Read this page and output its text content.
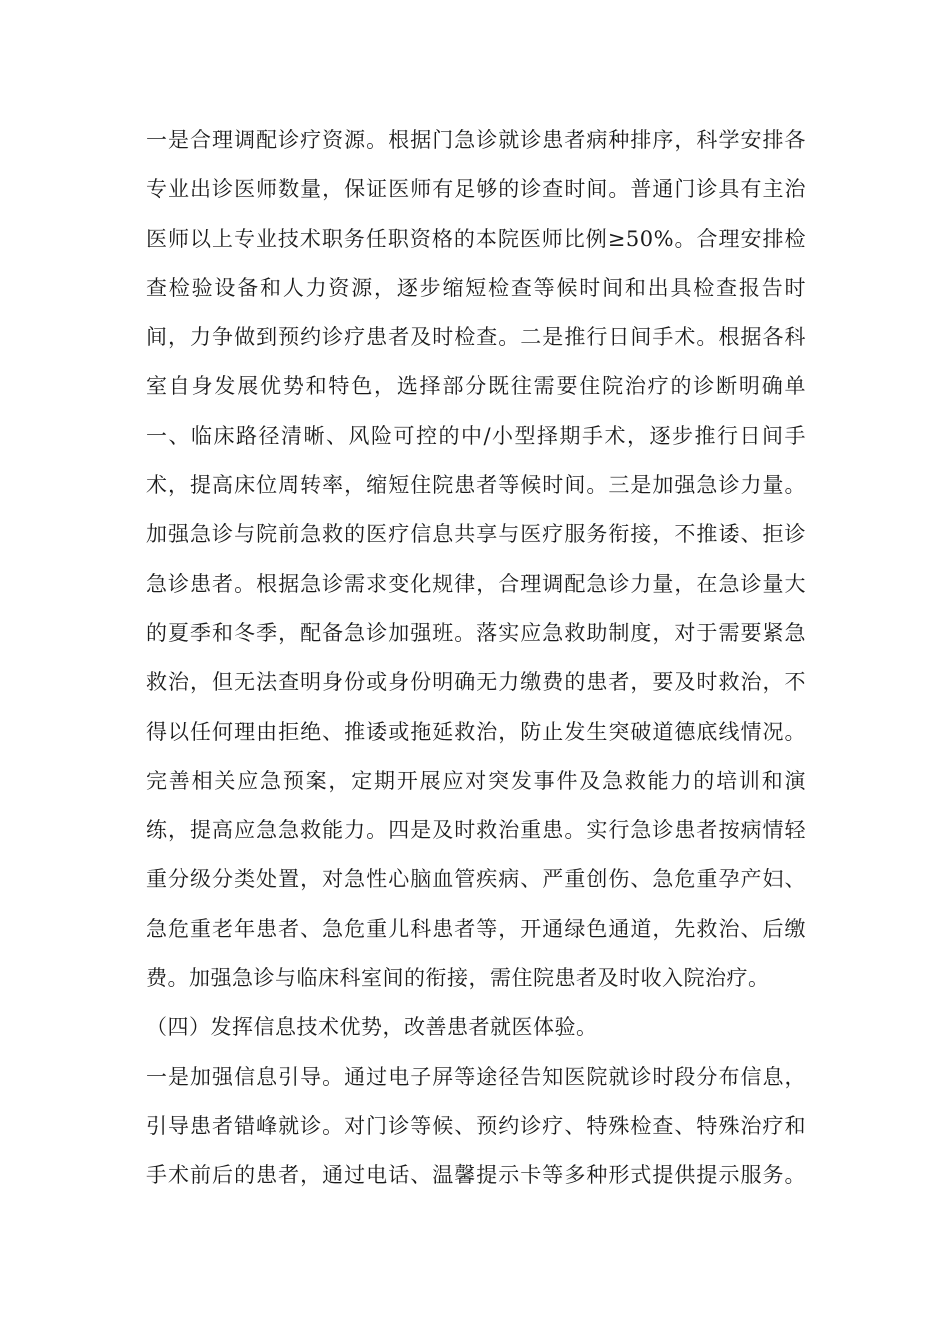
一是合理调配诊疗资源。根据门急诊就诊患者病种排序，科学安排各
专业出诊医师数量，保证医师有足够的诊查时间。普通门诊具有主治
医师以上专业技术职务任职资格的本院医师比例≥50%。合理安排检
查检验设备和人力资源，逐步缩短检查等候时间和出具检查报告时
间，力争做到预约诊疗患者及时检查。二是推行日间手术。根据各科
室自身发展优势和特色，选择部分既往需要住院治疗的诊断明确单
一、临床路径清晰、风险可控的中/小型择期手术，逐步推行日间手
术，提高床位周转率，缩短住院患者等候时间。三是加强急诊力量。
加强急诊与院前急救的医疗信息共享与医疗服务衔接，不推诿、拒诊
急诊患者。根据急诊需求变化规律，合理调配急诊力量，在急诊量大
的夏季和冬季，配备急诊加强班。落实应急救助制度，对于需要紧急
救治，但无法查明身份或身份明确无力缴费的患者，要及时救治，不
得以任何理由拒绝、推诿或拖延救治，防止发生突破道德底线情况。
完善相关应急预案，定期开展应对突发事件及急救能力的培训和演
练，提高应急急救能力。四是及时救治重患。实行急诊患者按病情轻
重分级分类处置，对急性心脑血管疾病、严重创伤、急危重孕产妇、
急危重老年患者、急危重儿科患者等，开通绿色通道，先救治、后缴
费。加强急诊与临床科室间的衔接，需住院患者及时收入院治疗。
（四）发挥信息技术优势，改善患者就医体验。
一是加强信息引导。通过电子屏等途径告知医院就诊时段分布信息，
引导患者错峰就诊。对门诊等候、预约诊疗、特殊检查、特殊治疗和
手术前后的患者，通过电话、温馨提示卡等多种形式提供提示服务。
